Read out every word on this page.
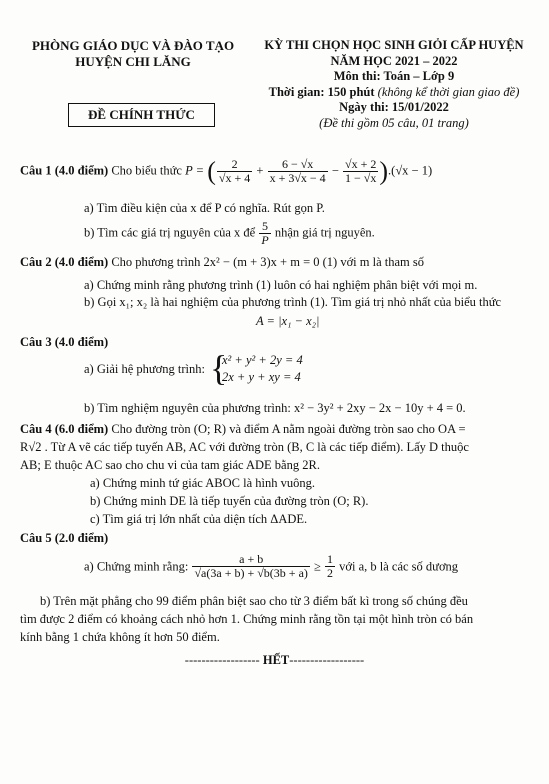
PHÒNG GIÁO DỤC VÀ ĐÀO TẠO
HUYỆN CHI LĂNG
KỲ THI CHỌN HỌC SINH GIỎI CẤP HUYỆN
NĂM HỌC 2021 – 2022
Môn thi: Toán – Lớp 9
Thời gian: 150 phút (không kể thời gian giao đề)
Ngày thi: 15/01/2022
(Đề thi gồm 05 câu, 01 trang)
ĐỀ CHÍNH THỨC
Câu 1 (4.0 điểm) Cho biểu thức P = ( $\frac{2}{√x + 4} + \frac{6 - √x}{x + 3√x - 4} - \frac{√x + 2}{1 - √x} ).(√x - 1)$
a) Tìm điều kiện của x để P có nghĩa. Rút gọn P.
b) Tìm các giá trị nguyên của x để $\frac{5}{P}$ nhận giá trị nguyên.
Câu 2 (4.0 điểm) Cho phương trình 2x² − (m + 3)x + m = 0 (1) với m là tham số
a) Chứng minh rằng phương trình (1) luôn có hai nghiệm phân biệt với mọi m.
b) Gọi x₁; x₂ là hai nghiệm của phương trình (1). Tìm giá trị nhỏ nhất của biểu thức
A = |x₁ − x₂|
Câu 3 (4.0 điểm)
a) Giải hệ phương trình: {
x² + y² + 2y = 4
2x + y + xy = 4
b) Tìm nghiệm nguyên của phương trình: x² − 3y² + 2xy − 2x − 10y + 4 = 0.
Câu 4 (6.0 điểm) Cho đường tròn (O; R) và điểm A nằm ngoài đường tròn sao cho OA =
R√2 . Từ A vẽ các tiếp tuyến AB, AC với đường tròn (B, C là các tiếp điểm). Lấy D thuộc
AB; E thuộc AC sao cho chu vi của tam giác ADE bằng 2R.
a) Chứng minh tứ giác ABOC là hình vuông.
b) Chứng minh DE là tiếp tuyến của đường tròn (O; R).
c) Tìm giá trị lớn nhất của diện tích ΔADE.
Câu 5 (2.0 điểm)
a) Chứng minh rằng: $\frac{a + b}{√a(3a + b) + √b(3b + a)} \ge \frac{1}{2}$ với a, b là các số dương
b) Trên mặt phẳng cho 99 điểm phân biệt sao cho từ 3 điểm bất kì trong số chúng đều
tìm được 2 điểm có khoảng cách nhỏ hơn 1. Chứng minh rằng tồn tại một hình tròn có bán
kính bằng 1 chứa không ít hơn 50 điểm.
------------------ HẾT------------------
